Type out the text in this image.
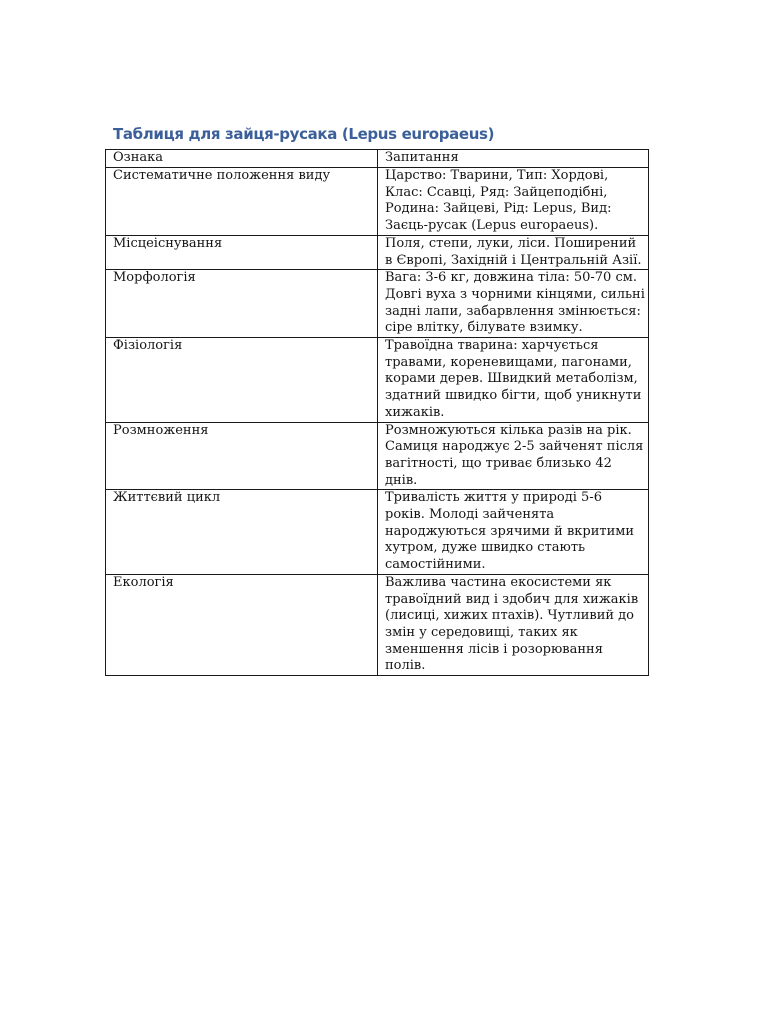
Таблиця для зайця-русака (Lepus europaeus)
Ознака	Запитання

Систематичне положення виду	Царство: Тварини, Тип: Хордові, Клас: Ссавці, Ряд: Зайцеподібні, Родина: Зайцеві, Рід: Lepus, Вид: Заєць-русак (Lepus europaeus).

Місцеіснування	Поля, степи, луки, ліси. Поширений в Європі, Західній і Центральній Азії.

Морфологія	Вага: 3-6 кг, довжина тіла: 50-70 см. Довгі вуха з чорними кінцями, сильні задні лапи, забарвлення змінюється: сіре влітку, білувате взимку.

Фізіологія	Травоїдна тварина: харчується травами, кореневищами, пагонами, корами дерев. Швидкий метаболізм, здатний швидко бігти, щоб уникнути хижаків.

Розмноження	Розмножуються кілька разів на рік. Самиця народжує 2-5 зайченят після вагітності, що триває близько 42 днів.

Життєвий цикл	Тривалість життя у природі 5-6 років. Молоді зайченята народжуються зрячими й вкритими хутром, дуже швидко стають самостійними.

Екологія	Важлива частина екосистеми як травоїдний вид і здобич для хижаків (лисиці, хижих птахів). Чутливий до змін у середовищі, таких як зменшення лісів і розорювання полів.
